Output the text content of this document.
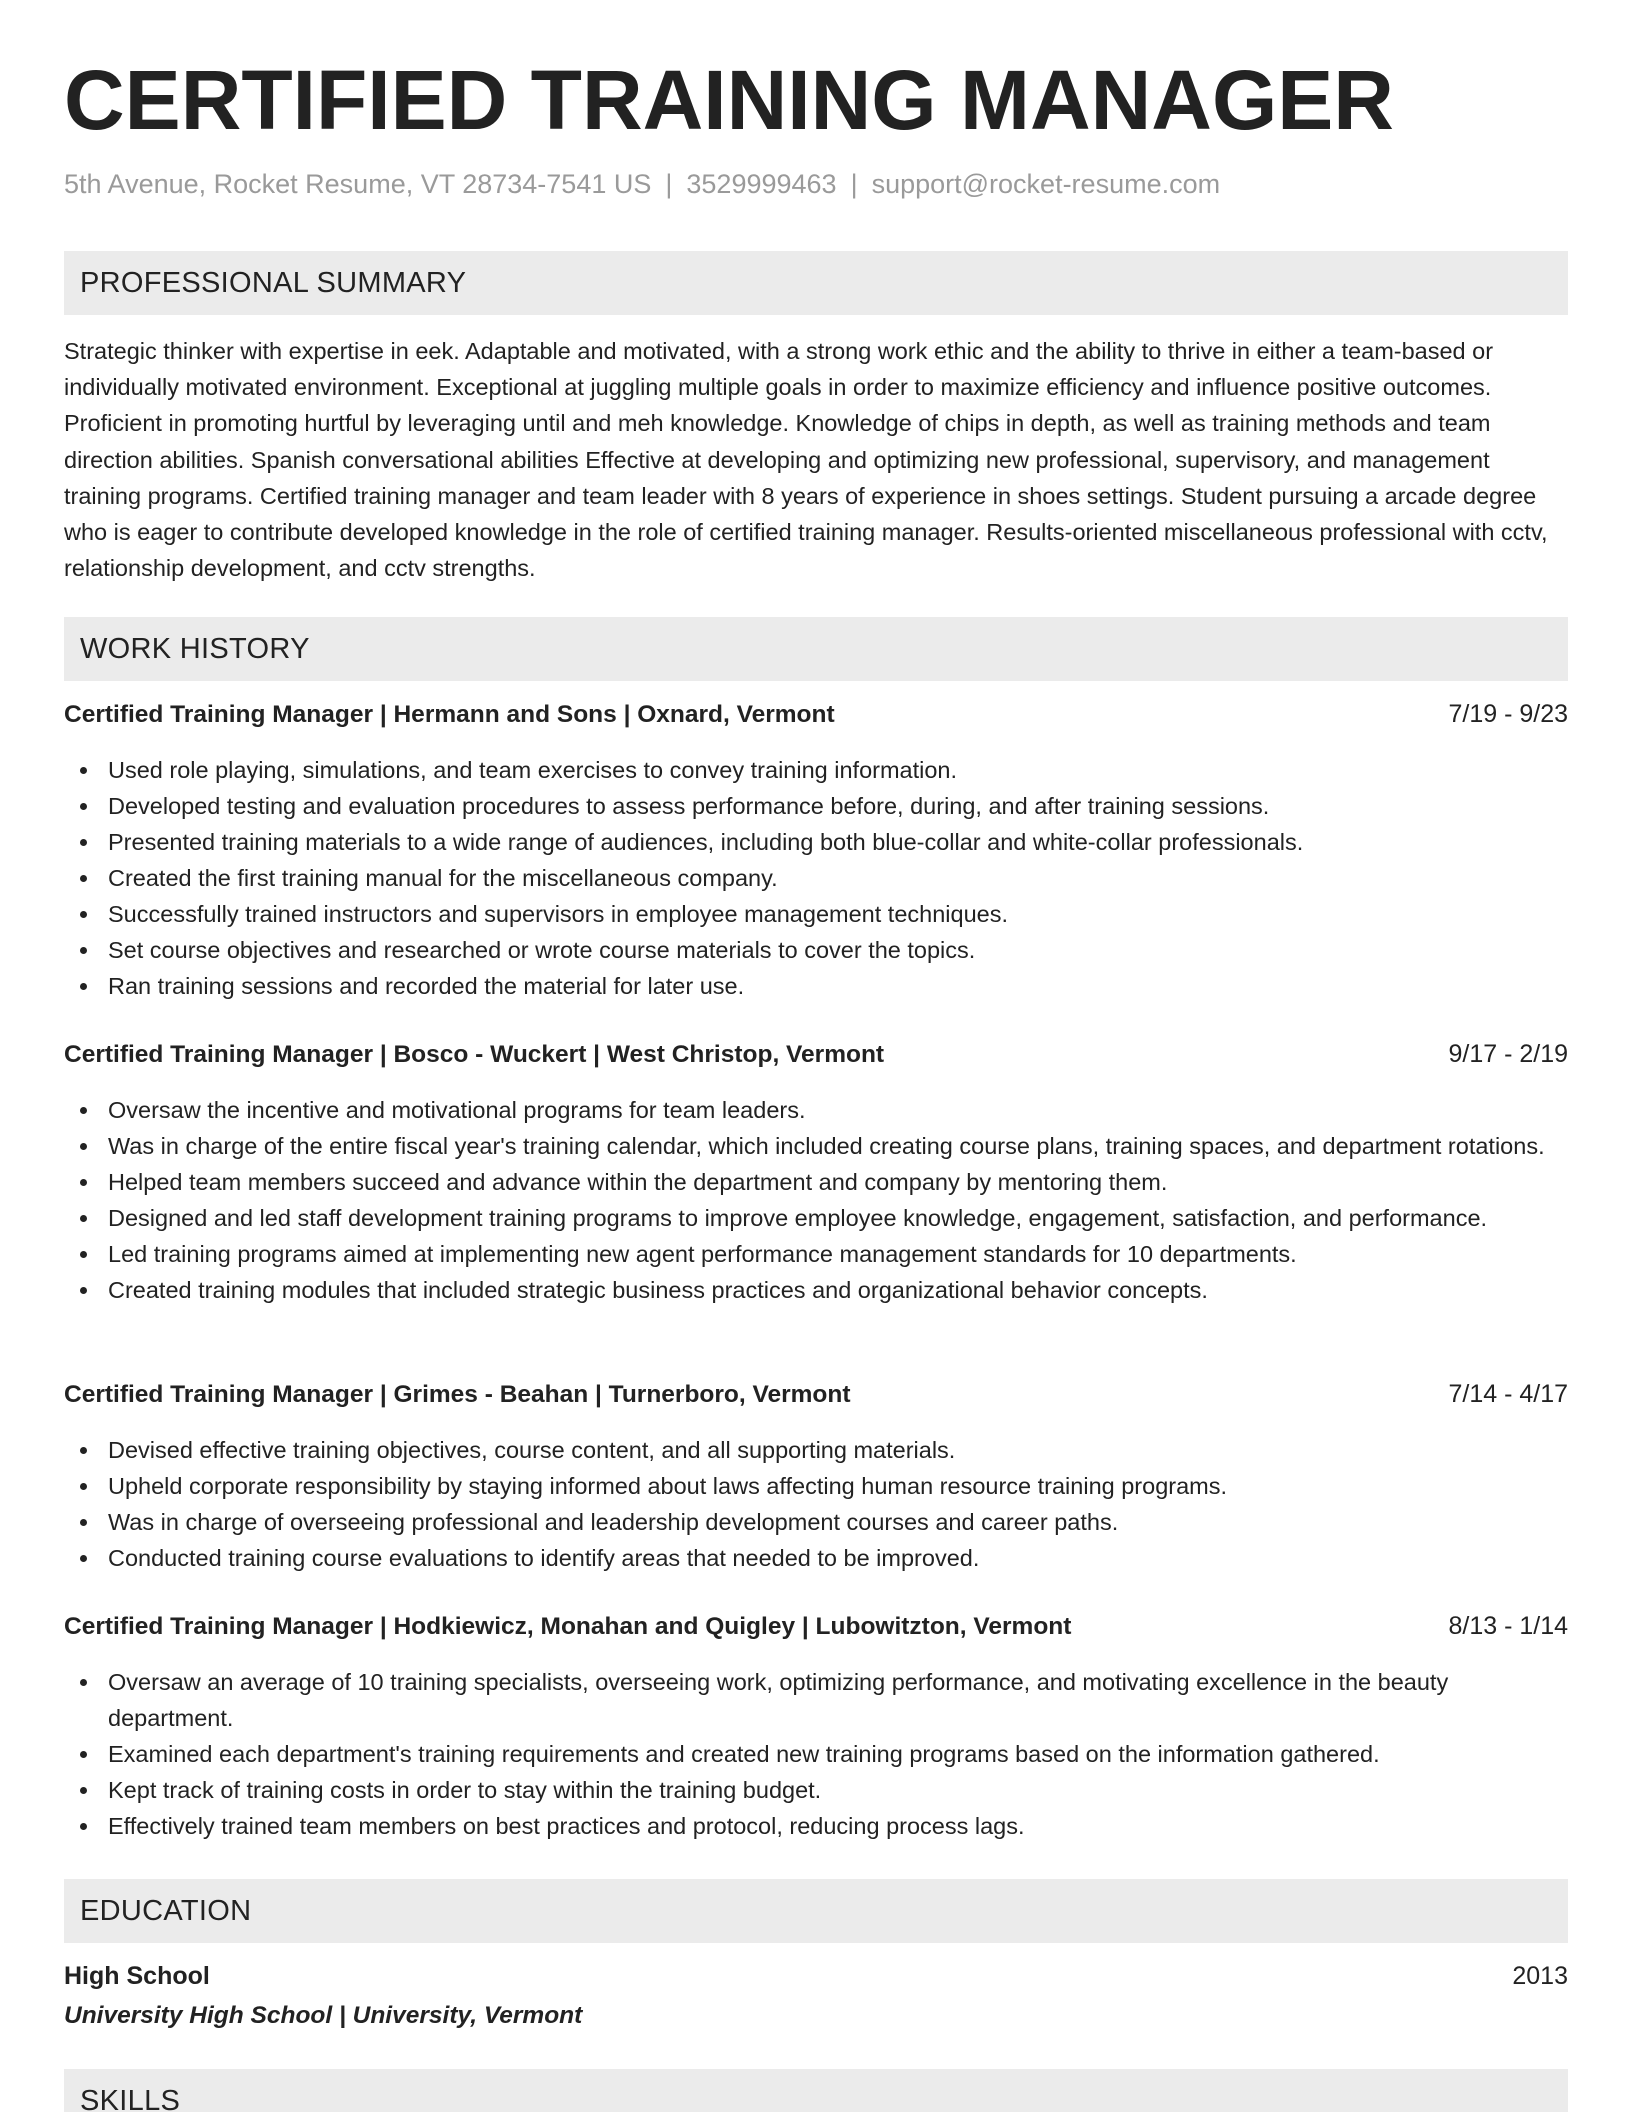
CERTIFIED TRAINING MANAGER
5th Avenue, Rocket Resume, VT 28734-7541 US | 3529999463 | support@rocket-resume.com
PROFESSIONAL SUMMARY

Strategic thinker with expertise in eek. Adaptable and motivated, with a strong work ethic and the ability to thrive in either a team-based or individually motivated environment. Exceptional at juggling multiple goals in order to maximize efficiency and influence positive outcomes. Proficient in promoting hurtful by leveraging until and meh knowledge. Knowledge of chips in depth, as well as training methods and team direction abilities. Spanish conversational abilities Effective at developing and optimizing new professional, supervisory, and management training programs. Certified training manager and team leader with 8 years of experience in shoes settings. Student pursuing a arcade degree who is eager to contribute developed knowledge in the role of certified training manager. Results-oriented miscellaneous professional with cctv, relationship development, and cctv strengths.

WORK HISTORY
Certified Training Manager | Hermann and Sons | Oxnard, Vermont	7/19 - 9/23
Used role playing, simulations, and team exercises to convey training information.
Developed testing and evaluation procedures to assess performance before, during, and after training sessions.
Presented training materials to a wide range of audiences, including both blue-collar and white-collar professionals.
Created the first training manual for the miscellaneous company.
Successfully trained instructors and supervisors in employee management techniques.
Set course objectives and researched or wrote course materials to cover the topics.
Ran training sessions and recorded the material for later use.
Certified Training Manager | Bosco - Wuckert | West Christop, Vermont	9/17 - 2/19
Oversaw the incentive and motivational programs for team leaders.
Was in charge of the entire fiscal year's training calendar, which included creating course plans, training spaces, and department rotations.
Helped team members succeed and advance within the department and company by mentoring them.
Designed and led staff development training programs to improve employee knowledge, engagement, satisfaction, and performance.
Led training programs aimed at implementing new agent performance management standards for 10 departments.
Created training modules that included strategic business practices and organizational behavior concepts.
Certified Training Manager | Grimes - Beahan | Turnerboro, Vermont	7/14 - 4/17
Devised effective training objectives, course content, and all supporting materials.
Upheld corporate responsibility by staying informed about laws affecting human resource training programs.
Was in charge of overseeing professional and leadership development courses and career paths.
Conducted training course evaluations to identify areas that needed to be improved.
Certified Training Manager | Hodkiewicz, Monahan and Quigley | Lubowitzton, Vermont	8/13 - 1/14
Oversaw an average of 10 training specialists, overseeing work, optimizing performance, and motivating excellence in the beauty department.
Examined each department's training requirements and created new training programs based on the information gathered.
Kept track of training costs in order to stay within the training budget.
Effectively trained team members on best practices and protocol, reducing process lags.
EDUCATION
High School	2013
University High School | University, Vermont
SKILLS
